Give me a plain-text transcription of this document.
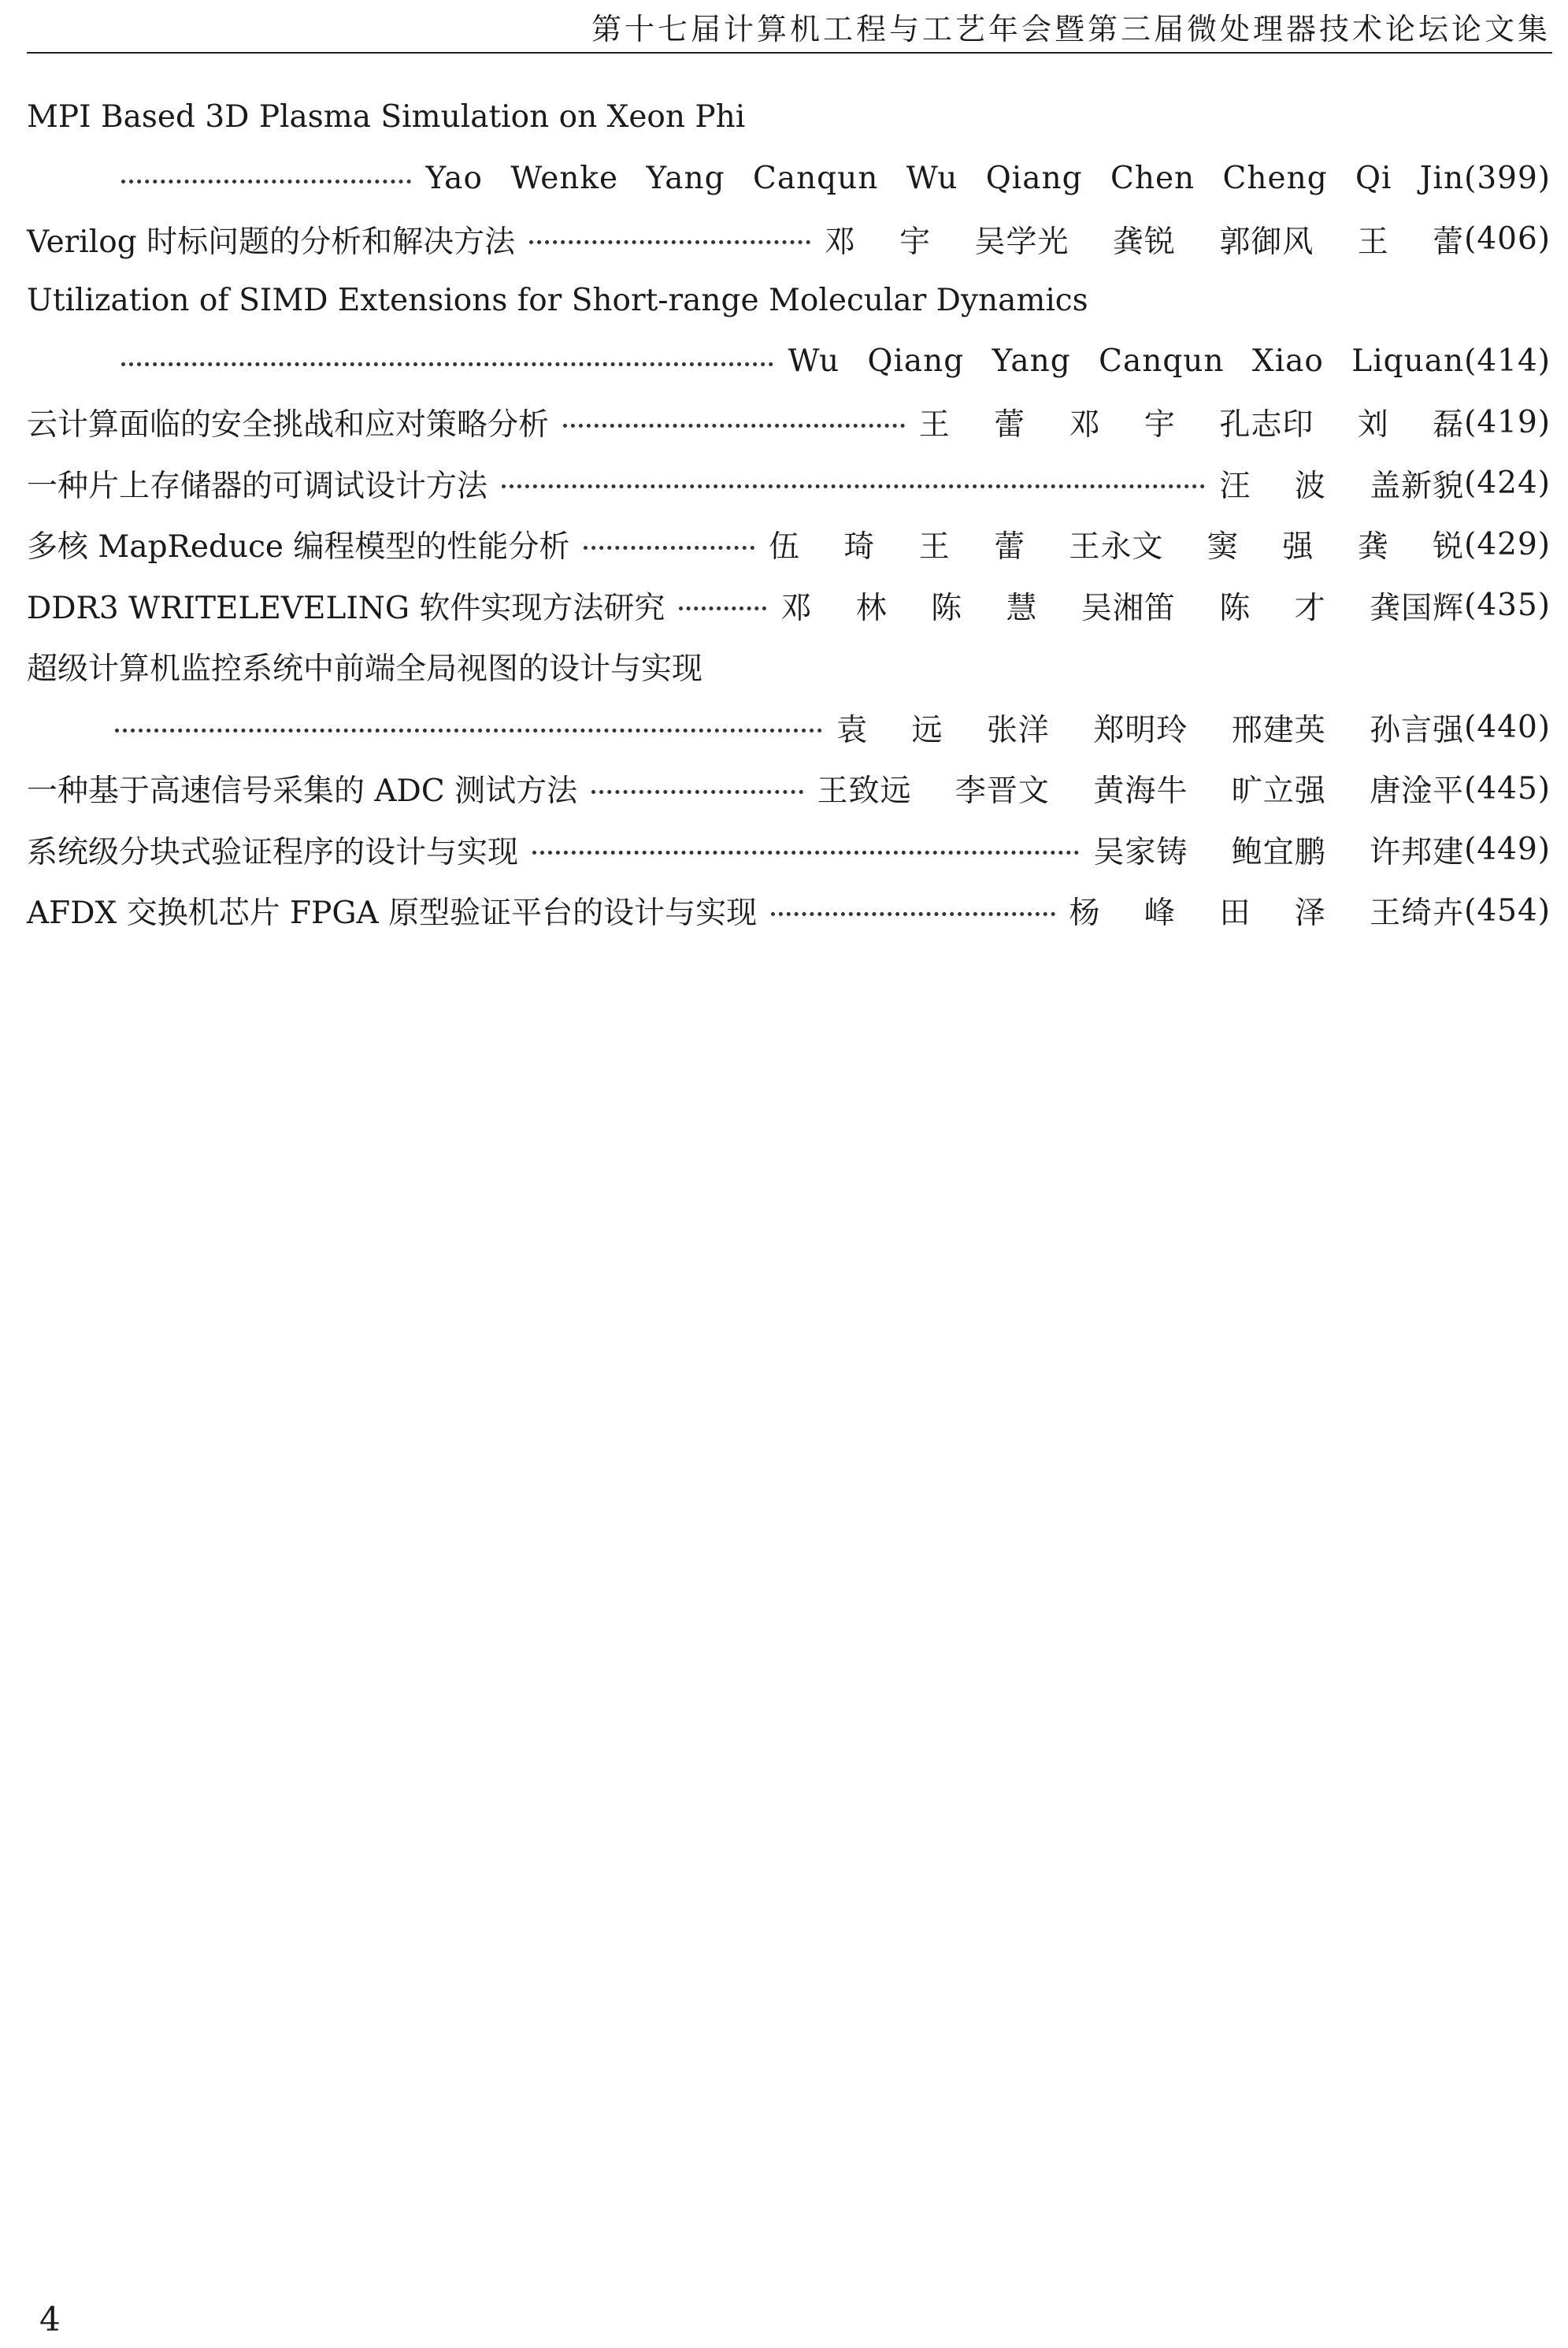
第十七届计算机工程与工艺年会暨第三届微处理器技术论坛论文集
MPI Based 3D Plasma Simulation on Xeon Phi
Yao Wenke Yang Canqun Wu Qiang Chen Cheng Qi Jin (399)
Verilog 时标问题的分析和解决方法	邓 宇 吴学光 龚锐 郭御风 王 蕾 (406)
Utilization of SIMD Extensions for Short-range Molecular Dynamics
Wu Qiang Yang Canqun Xiao Liquan (414)
云计算面临的安全挑战和应对策略分析	王 蕾 邓 宇 孔志印 刘 磊 (419)
一种片上存储器的可调试设计方法	汪 波 盖新貌 (424)
多核 MapReduce 编程模型的性能分析	伍 琦 王 蕾 王永文 窦 强 龚 锐 (429)
DDR3 WRITELEVELING 软件实现方法研究	邓 林 陈 慧 吴湘笛 陈 才 龚国辉 (435)
超级计算机监控系统中前端全局视图的设计与实现
袁 远 张洋 郑明玲 邢建英 孙言强 (440)
一种基于高速信号采集的 ADC 测试方法	王致远 李晋文 黄海牛 旷立强 唐淦平 (445)
系统级分块式验证程序的设计与实现	吴家铸 鲍宜鹏 许邦建 (449)
AFDX 交换机芯片 FPGA 原型验证平台的设计与实现	杨 峰 田 泽 王绮卉 (454)
4
